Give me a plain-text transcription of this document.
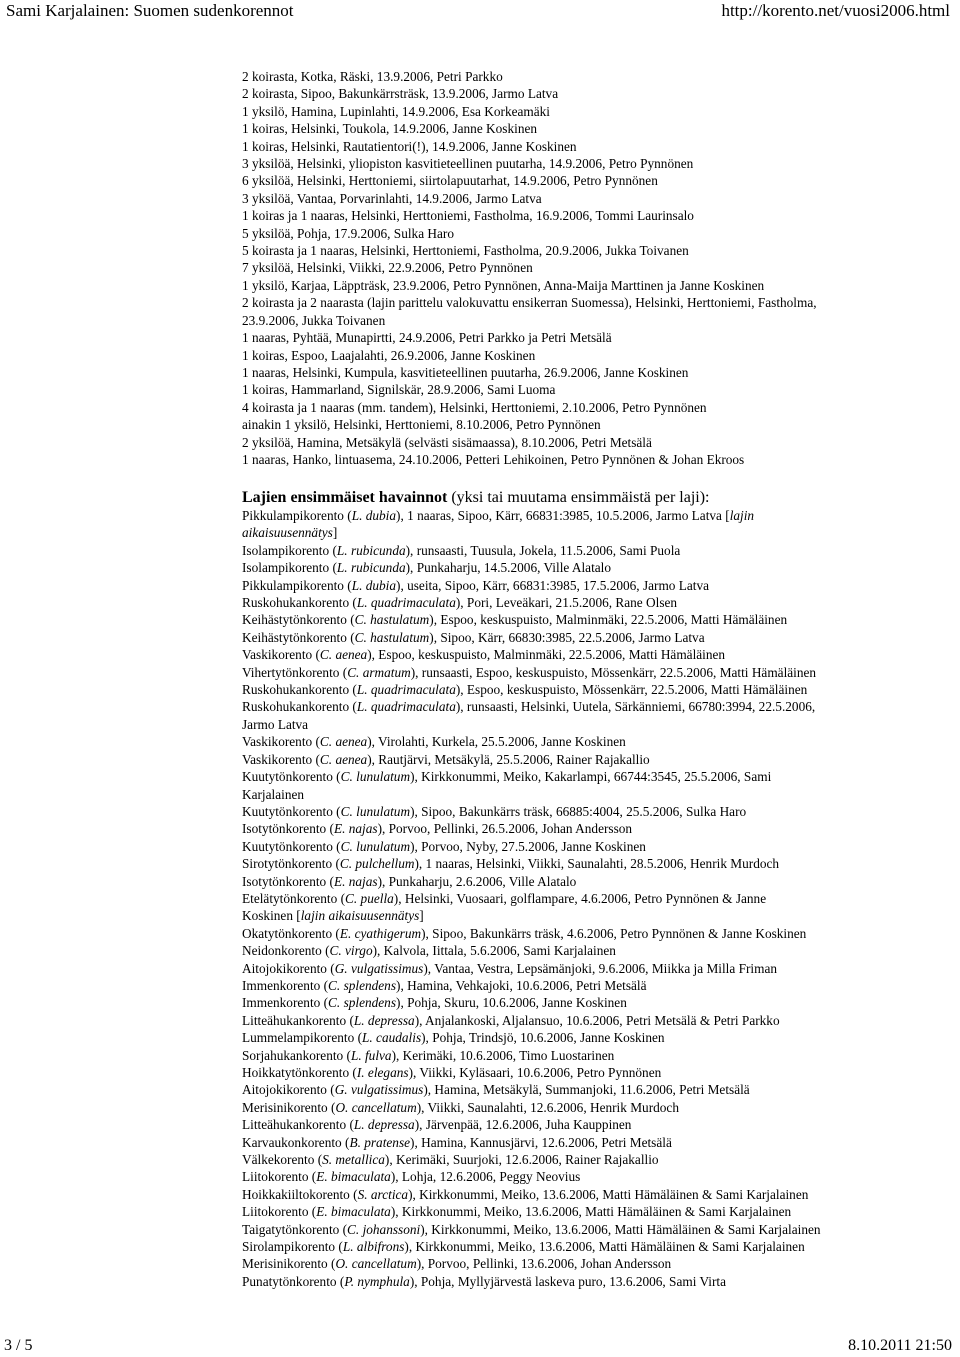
Sami Karjalainen: Suomen sudenkorennot	http://korento.net/vuosi2006.html
2 koirasta, Kotka, Räski, 13.9.2006, Petri Parkko
2 koirasta, Sipoo, Bakunkärrsträsk, 13.9.2006, Jarmo Latva
1 yksilö, Hamina, Lupinlahti, 14.9.2006, Esa Korkeamäki
1 koiras, Helsinki, Toukola, 14.9.2006, Janne Koskinen
1 koiras, Helsinki, Rautatientori(!), 14.9.2006, Janne Koskinen
3 yksilöä, Helsinki, yliopiston kasvitieteellinen puutarha, 14.9.2006, Petro Pynnönen
6 yksilöä, Helsinki, Herttoniemi, siirtolapuutarhat, 14.9.2006, Petro Pynnönen
3 yksilöä, Vantaa, Porvarinlahti, 14.9.2006, Jarmo Latva
1 koiras ja 1 naaras, Helsinki, Herttoniemi, Fastholma, 16.9.2006, Tommi Laurinsalo
5 yksilöä, Pohja, 17.9.2006, Sulka Haro
5 koirasta ja 1 naaras, Helsinki, Herttoniemi, Fastholma, 20.9.2006, Jukka Toivanen
7 yksilöä, Helsinki, Viikki, 22.9.2006, Petro Pynnönen
1 yksilö, Karjaa, Läppträsk, 23.9.2006, Petro Pynnönen, Anna-Maija Marttinen ja Janne Koskinen
2 koirasta ja 2 naarasta (lajin parittelu valokuvattu ensikerran Suomessa), Helsinki, Herttoniemi, Fastholma,
23.9.2006, Jukka Toivanen
1 naaras, Pyhtää, Munapirtti, 24.9.2006, Petri Parkko ja Petri Metsälä
1 koiras, Espoo, Laajalahti, 26.9.2006, Janne Koskinen
1 naaras, Helsinki, Kumpula, kasvitieteellinen puutarha, 26.9.2006, Janne Koskinen
1 koiras, Hammarland, Signilskär, 28.9.2006, Sami Luoma
4 koirasta ja 1 naaras (mm. tandem), Helsinki, Herttoniemi, 2.10.2006, Petro Pynnönen
ainakin 1 yksilö, Helsinki, Herttoniemi, 8.10.2006, Petro Pynnönen
2 yksilöä, Hamina, Metsäkylä (selvästi sisämaassa), 8.10.2006, Petri Metsälä
1 naaras, Hanko, lintuasema, 24.10.2006, Petteri Lehikoinen, Petro Pynnönen & Johan Ekroos
Lajien ensimmäiset havainnot (yksi tai muutama ensimmäistä per laji):
Pikkulampikorento (L. dubia), 1 naaras, Sipoo, Kärr, 66831:3985, 10.5.2006, Jarmo Latva [lajin
aikaisuusennätys]
Isolampikorento (L. rubicunda), runsaasti, Tuusula, Jokela, 11.5.2006, Sami Puola
Isolampikorento (L. rubicunda), Punkaharju, 14.5.2006, Ville Alatalo
Pikkulampikorento (L. dubia), useita, Sipoo, Kärr, 66831:3985, 17.5.2006, Jarmo Latva
Ruskohukankorento (L. quadrimaculata), Pori, Leveäkari, 21.5.2006, Rane Olsen
Keihästytönkorento (C. hastulatum), Espoo, keskuspuisto, Malminmäki, 22.5.2006, Matti Hämäläinen
Keihästytönkorento (C. hastulatum), Sipoo, Kärr, 66830:3985, 22.5.2006, Jarmo Latva
Vaskikorento (C. aenea), Espoo, keskuspuisto, Malminmäki, 22.5.2006, Matti Hämäläinen
Vihertytönkorento (C. armatum), runsaasti, Espoo, keskuspuisto, Mössenkärr, 22.5.2006, Matti Hämäläinen
Ruskohukankorento (L. quadrimaculata), Espoo, keskuspuisto, Mössenkärr, 22.5.2006, Matti Hämäläinen
Ruskohukankorento (L. quadrimaculata), runsaasti, Helsinki, Uutela, Särkänniemi, 66780:3994, 22.5.2006,
Jarmo Latva
Vaskikorento (C. aenea), Virolahti, Kurkela, 25.5.2006, Janne Koskinen
Vaskikorento (C. aenea), Rautjärvi, Metsäkylä, 25.5.2006, Rainer Rajakallio
Kuutytönkorento (C. lunulatum), Kirkkonummi, Meiko, Kakarlampi, 66744:3545, 25.5.2006, Sami
Karjalainen
Kuutytönkorento (C. lunulatum), Sipoo, Bakunkärrs träsk, 66885:4004, 25.5.2006, Sulka Haro
Isotytönkorento (E. najas), Porvoo, Pellinki, 26.5.2006, Johan Andersson
Kuutytönkorento (C. lunulatum), Porvoo, Nyby, 27.5.2006, Janne Koskinen
Sirotytönkorento (C. pulchellum), 1 naaras, Helsinki, Viikki, Saunalahti, 28.5.2006, Henrik Murdoch
Isotytönkorento (E. najas), Punkaharju, 2.6.2006, Ville Alatalo
Etelätytönkorento (C. puella), Helsinki, Vuosaari, golflampare, 4.6.2006, Petro Pynnönen & Janne
Koskinen [lajin aikaisuusennätys]
Okatytönkorento (E. cyathigerum), Sipoo, Bakunkärrs träsk, 4.6.2006, Petro Pynnönen & Janne Koskinen
Neidonkorento (C. virgo), Kalvola, Iittala, 5.6.2006, Sami Karjalainen
Aitojokikorento (G. vulgatissimus), Vantaa, Vestra, Lepsämänjoki, 9.6.2006, Miikka ja Milla Friman
Immenkorento (C. splendens), Hamina, Vehkajoki, 10.6.2006, Petri Metsälä
Immenkorento (C. splendens), Pohja, Skuru, 10.6.2006, Janne Koskinen
Litteähukankorento (L. depressa), Anjalankoski, Aljalansuo, 10.6.2006, Petri Metsälä & Petri Parkko
Lummelampikorento (L. caudalis), Pohja, Trindsjö, 10.6.2006, Janne Koskinen
Sorjahukankorento (L. fulva), Kerimäki, 10.6.2006, Timo Luostarinen
Hoikkatytönkorento (I. elegans), Viikki, Kyläsaari, 10.6.2006, Petro Pynnönen
Aitojokikorento (G. vulgatissimus), Hamina, Metsäkylä, Summanjoki, 11.6.2006, Petri Metsälä
Merisinikorento (O. cancellatum), Viikki, Saunalahti, 12.6.2006, Henrik Murdoch
Litteähukankorento (L. depressa), Järvenpää, 12.6.2006, Juha Kauppinen
Karvaukonkorento (B. pratense), Hamina, Kannusjärvi, 12.6.2006, Petri Metsälä
Välkekorento (S. metallica), Kerimäki, Suurjoki, 12.6.2006, Rainer Rajakallio
Liitokorento (E. bimaculata), Lohja, 12.6.2006, Peggy Neovius
Hoikkakiiltokorento (S. arctica), Kirkkonummi, Meiko, 13.6.2006, Matti Hämäläinen & Sami Karjalainen
Liitokorento (E. bimaculata), Kirkkonummi, Meiko, 13.6.2006, Matti Hämäläinen & Sami Karjalainen
Taigatytönkorento (C. johanssoni), Kirkkonummi, Meiko, 13.6.2006, Matti Hämäläinen & Sami Karjalainen
Sirolampikorento (L. albifrons), Kirkkonummi, Meiko, 13.6.2006, Matti Hämäläinen & Sami Karjalainen
Merisinikorento (O. cancellatum), Porvoo, Pellinki, 13.6.2006, Johan Andersson
Punatytönkorento (P. nymphula), Pohja, Myllyjärvestä laskeva puro, 13.6.2006, Sami Virta
3 / 5	8.10.2011 21:50
